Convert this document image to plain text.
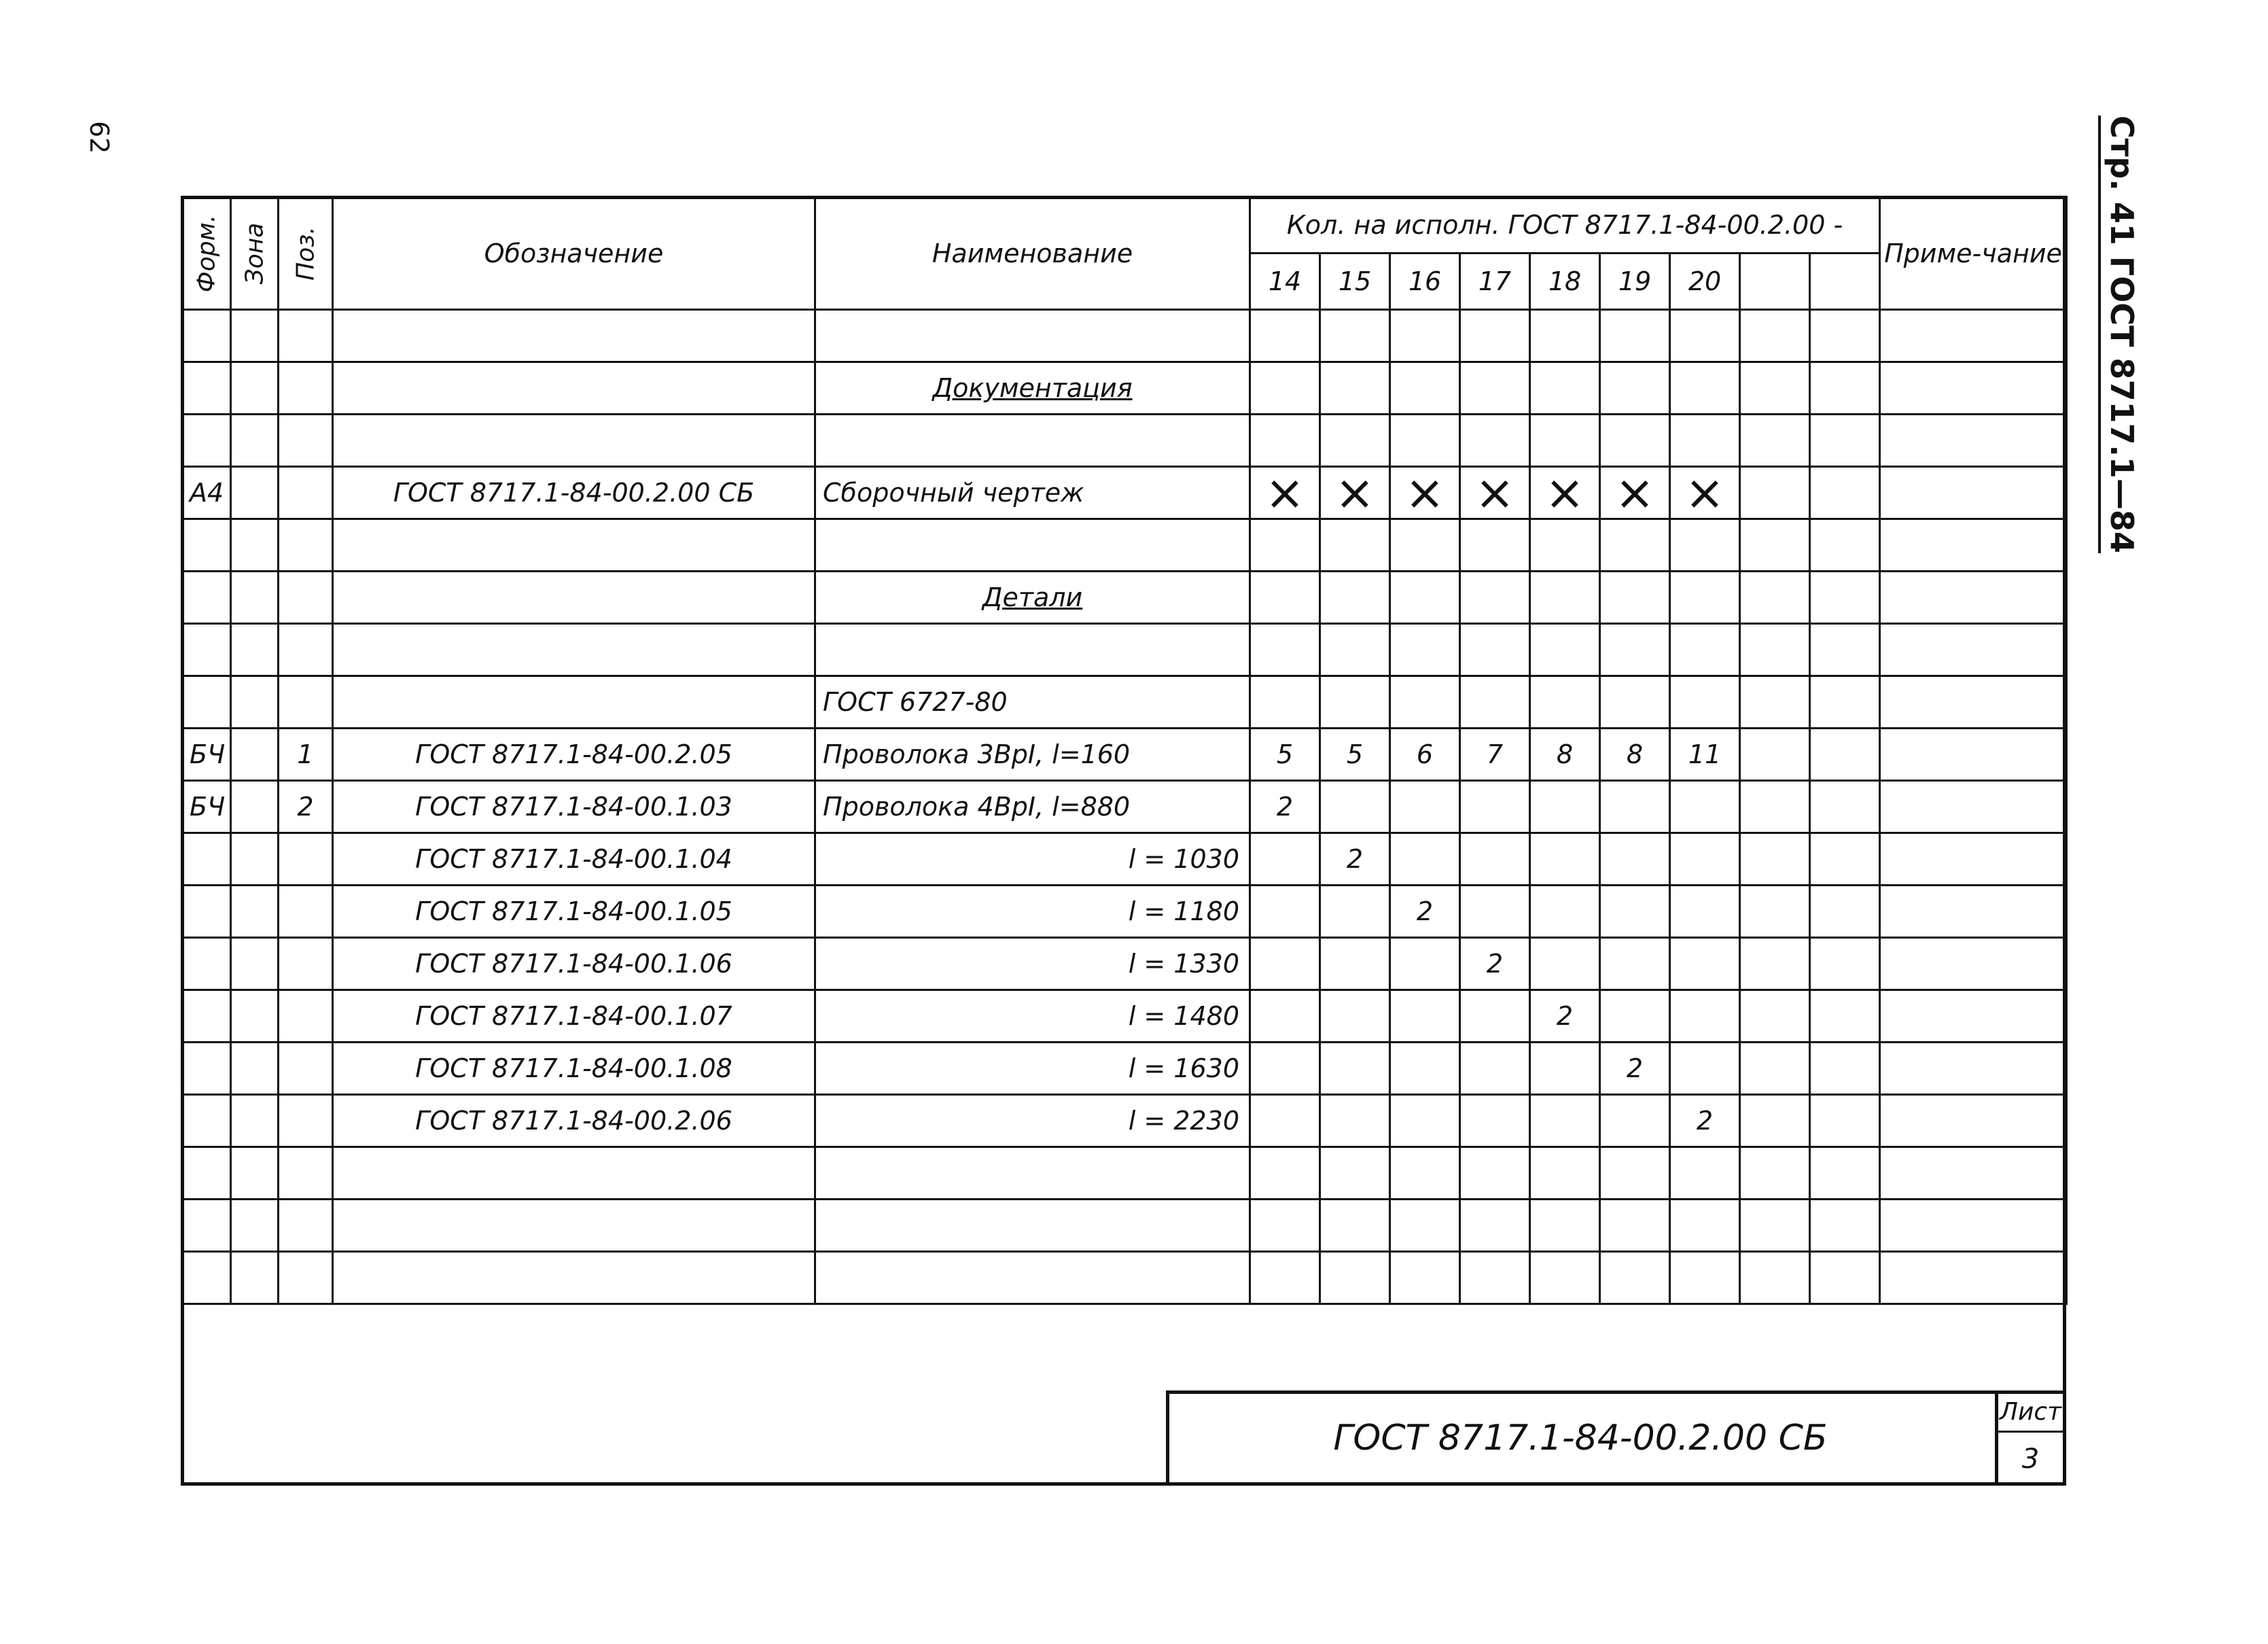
62	Стр. 41 ГОСТ 8717.1—84
Форм.	Зона	Поз.	Обозначение	Наименование	Кол. на исполн. ГОСТ 8717.1-84-00.2.00 -									Приме-чание
					14	15	16	17	18	19	20			

				Документация										

А4			ГОСТ 8717.1-84-00.2.00 СБ	Сборочный чертеж	×	×	×	×	×	×	×			

				Детали										

				ГОСТ 6727-80										
БЧ		1	ГОСТ 8717.1-84-00.2.05	Проволока 3ВрI, l=160	5	5	6	7	8	8	11			
БЧ		2	ГОСТ 8717.1-84-00.1.03	Проволока 4ВрI, l=880	2									
			ГОСТ 8717.1-84-00.1.04	l = 1030		2								
			ГОСТ 8717.1-84-00.1.05	l = 1180			2							
			ГОСТ 8717.1-84-00.1.06	l = 1330				2						
			ГОСТ 8717.1-84-00.1.07	l = 1480					2					
			ГОСТ 8717.1-84-00.1.08	l = 1630						2				
			ГОСТ 8717.1-84-00.2.06	l = 2230							2			

ГОСТ 8717.1-84-00.2.00 СБ
Лист
3
